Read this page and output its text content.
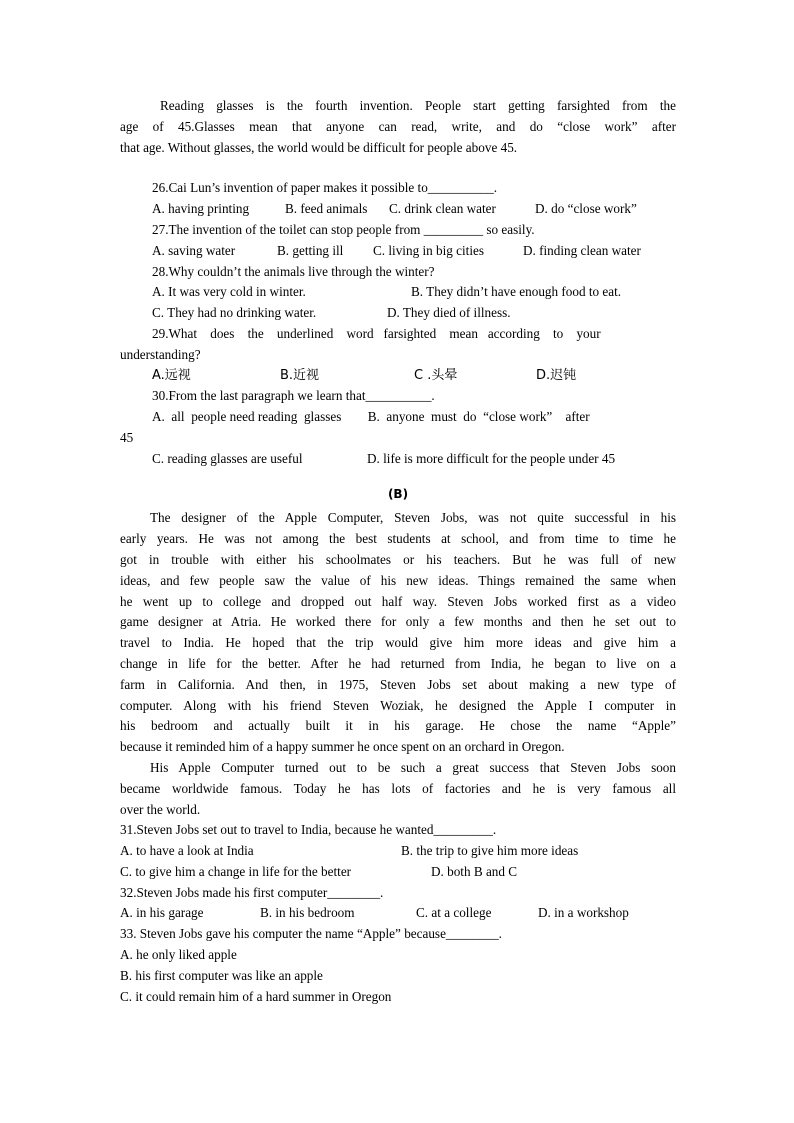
Reading glasses is the fourth invention. People start getting farsighted from the
age of 45.Glasses mean that anyone can read, write, and do “close work” after
that age. Without glasses, the world would be difficult for people above 45.
26.Cai Lun’s invention of paper makes it possible to__________.
A. having printing	B. feed animals	C. drink clean water	D. do “close work”
27.The invention of the toilet can stop people from _________ so easily.
A. saving water	B. getting ill	C. living in big cities	D. finding clean water
28.Why couldn’t the animals live through the winter?
A. It was very cold in winter.	B. They didn’t have enough food to eat.
C. They had no drinking water.	D. They died of illness.
29.What    does    the    underlined    word   farsighted    mean   according    to    your
understanding?
A.远视	B.近视	C .头晕	D.迟钝
30.From the last paragraph we learn that__________.
A.  all  people need reading  glasses        B.  anyone  must  do  “close work”    after
45
C. reading glasses are useful	D. life is more difficult for the people under 45
(B)
The designer of the Apple Computer, Steven Jobs, was not quite successful in his
early years. He was not among the best students at school, and from time to time he
got in trouble with either his schoolmates or his teachers. But he was full of new
ideas, and few people saw the value of his new ideas. Things remained the same when
he went up to college and dropped out half way. Steven Jobs worked first as a video
game designer at Atria. He worked there for only a few months and then he set out to
travel to India. He hoped that the trip would give him more ideas and give him a
change in life for the better. After he had returned from India, he began to live on a
farm in California. And then, in 1975, Steven Jobs set about making a new type of
computer. Along with his friend Steven Woziak, he designed the Apple I computer in
his bedroom and actually built it in his garage. He chose the name “Apple”
because it reminded him of a happy summer he once spent on an orchard in Oregon.
His Apple Computer turned out to be such a great success that Steven Jobs soon
became worldwide famous. Today he has lots of factories and he is very famous all
over the world.
31.Steven Jobs set out to travel to India, because he wanted_________.
A. to have a look at India	B. the trip to give him more ideas
C. to give him a change in life for the better	D. both B and C
32.Steven Jobs made his first computer________.
A. in his garage	B. in his bedroom	C. at a college	D. in a workshop
33. Steven Jobs gave his computer the name “Apple” because________.
A. he only liked apple
B. his first computer was like an apple
C. it could remain him of a hard summer in Oregon
